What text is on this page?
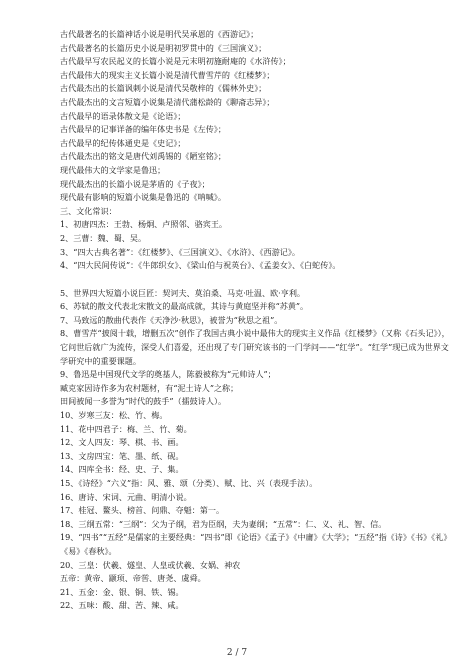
古代最著名的长篇神话小说是明代吴承恩的《西游记》；
古代最著名的长篇历史小说是明初罗贯中的《三国演义》；
古代最早写农民起义的长篇小说是元末明初施耐庵的《水浒传》；
古代最伟大的现实主义长篇小说是清代曹雪芹的《红楼梦》；
古代最杰出的长篇讽刺小说是清代吴敬梓的《儒林外史》；
古代最杰出的文言短篇小说集是清代蒲松龄的《聊斋志异》；
古代最早的语录体散文是《论语》；
古代最早的记事详备的编年体史书是《左传》；
古代最早的纪传体通史是《史记》；
古代最杰出的铭文是唐代刘禹锡的《陋室铭》；
现代最伟大的文学家是鲁迅；
现代最杰出的长篇小说是茅盾的《子夜》；
现代最有影响的短篇小说集是鲁迅的《呐喊》。
三、文化常识：
1、初唐四杰：王勃、杨炯、卢照邻、骆宾王。
2、三曹：魏、蜀、吴。
3、“四大古典名著”：《红楼梦》、《三国演义》、《水浒》、《西游记》。
4、“四大民间传说”：《牛郎织女》、《梁山伯与祝英台》、《孟姜女》、《白蛇传》。
5、世界四大短篇小说巨匠：契诃夫、莫泊桑、马克·吐温、欧·亨利。
6、苏轼的散文代表北宋散文的最高成就，其诗与黄庭坚并称“苏黄”。
7、马致远的散曲代表作《天净沙·秋思》，被誉为“秋思之祖”。
8、曹雪芹“披阅十载，增删五次”创作了我国古典小说中最伟大的现实主义作品《红楼梦》（又称《石头记》），它问世后就广为流传，深受人们喜爱，还出现了专门研究该书的一门学问——“红学”。“红学”现已成为世界文学研究中的重要课题。
9、鲁迅是中国现代文学的奠基人，陈毅被称为“元帅诗人”；
臧克家因诗作多为农村题材，有“泥土诗人”之称；
田间被闻一多誉为“时代的鼓手”（擂鼓诗人）。
10、岁寒三友：松、竹、梅。
11、花中四君子：梅、兰、竹、菊。
12、文人四友：琴、棋、书、画。
13、文房四宝：笔、墨、纸、砚。
14、四库全书：经、史、子、集。
15、《诗经》“六义”指：风、雅、颂（分类）、赋、比、兴（表现手法）。
16、唐诗、宋词、元曲、明清小说。
17、桂冠、鳌头、榜首、问鼎、夺魁：第一。
18、三纲五常：“三纲”：父为子纲，君为臣纲，夫为妻纲；“五常”：仁、义、礼、智、信。
19、“四书”“五经”是儒家的主要经典：“四书”即《论语》《孟子》《中庸》《大学》；“五经”指《诗》《书》《礼》《易》《春秋》。
20、三皇：伏羲、燧皇、人皇或伏羲、女娲、神农
五帝：黄帝、颛顼、帝喾、唐尧、虞舜。
21、五金：金、银、铜、铁、锡。
22、五味：酸、甜、苦、辣、咸。
2 / 7
